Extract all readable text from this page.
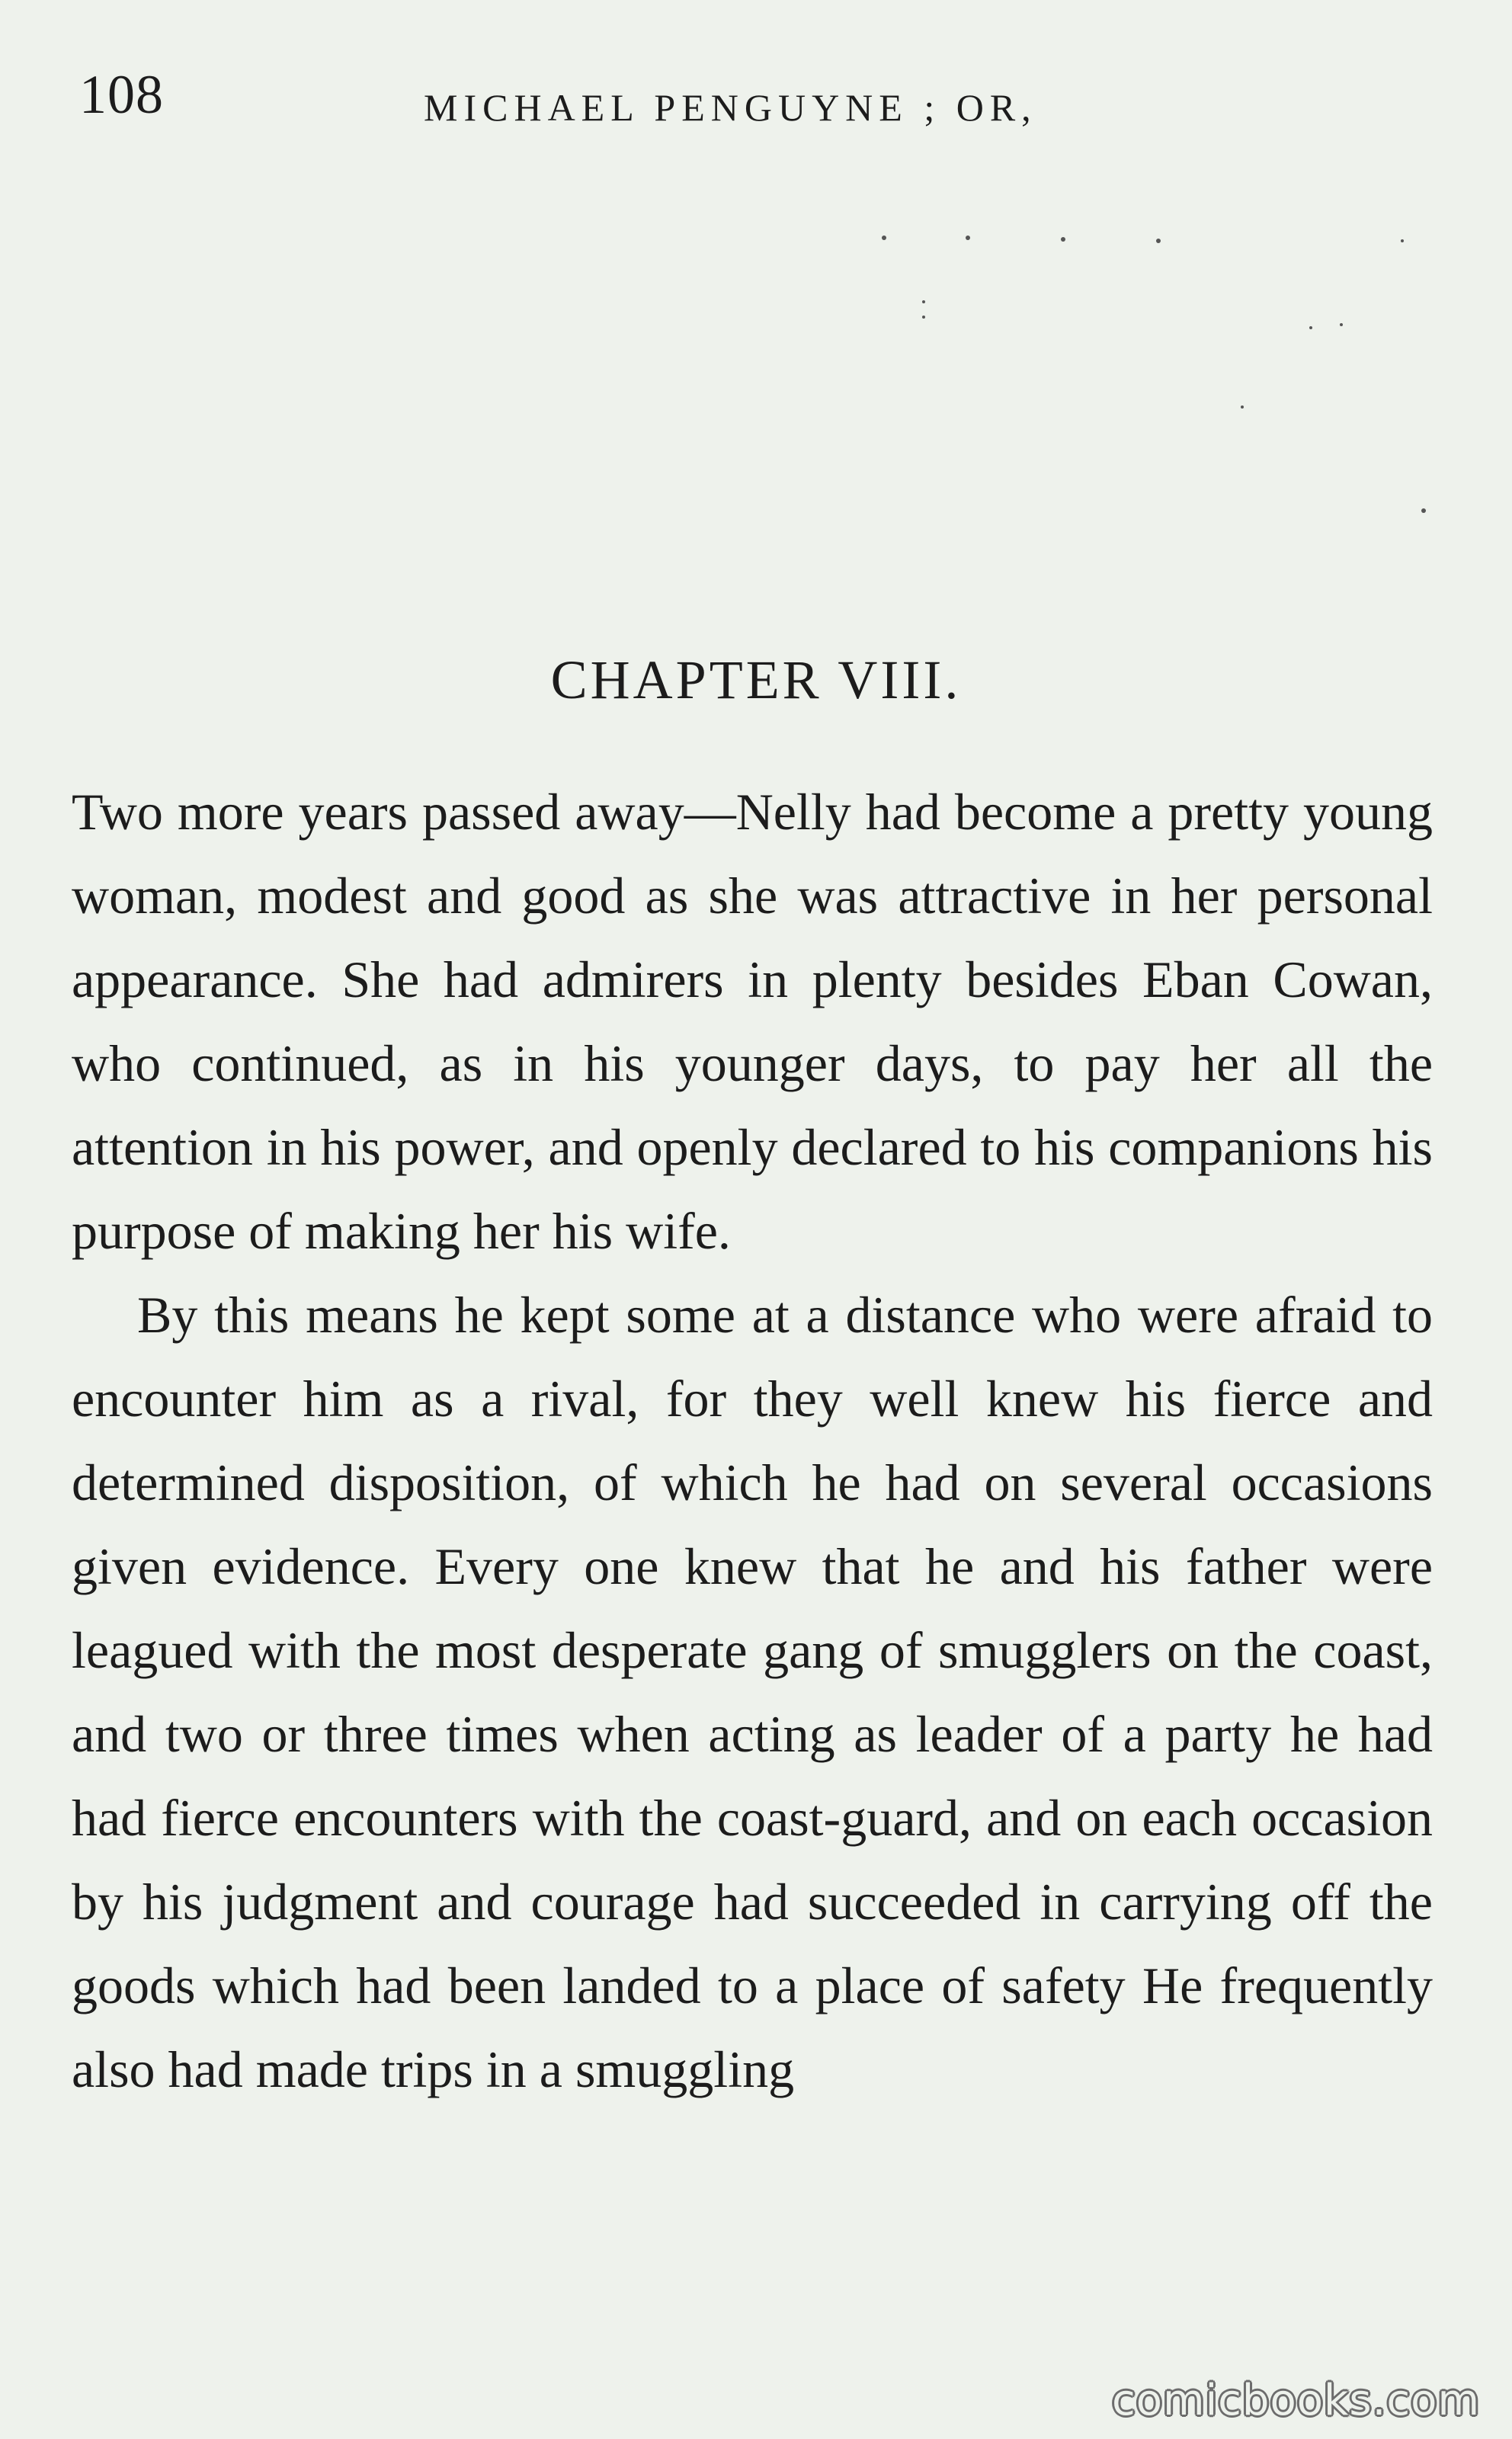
108	MICHAEL PENGUYNE ; OR,
CHAPTER VIII.

Two more years passed away—Nelly had become a pretty young woman, modest and good as she was attractive in her personal appearance. She had admirers in plenty besides Eban Cowan, who continued, as in his younger days, to pay her all the attention in his power, and openly declared to his companions his purpose of making her his wife.

By this means he kept some at a distance who were afraid to encounter him as a rival, for they well knew his fierce and determined disposition, of which he had on several occasions given evidence. Every one knew that he and his father were leagued with the most desperate gang of smugglers on the coast, and two or three times when acting as leader of a party he had had fierce encounters with the coast-guard, and on each occasion by his judgment and courage had succeeded in carrying off the goods which had been landed to a place of safety He frequently also had made trips in a smuggling

comicbooks.com
